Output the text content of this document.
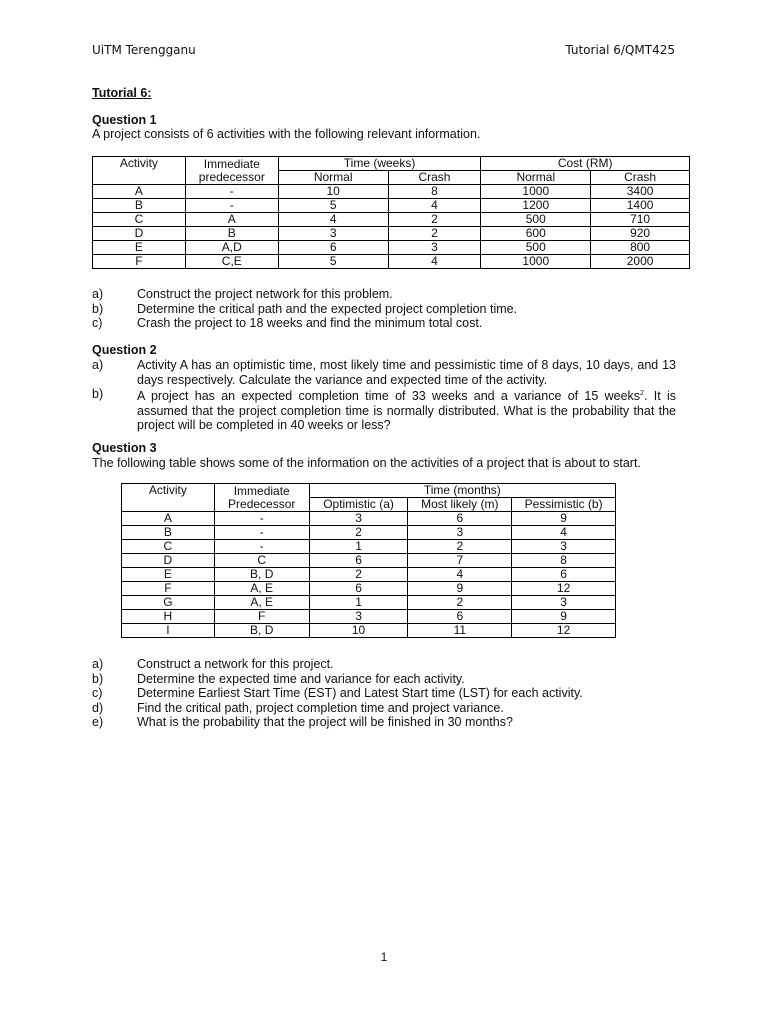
UiTM Terengganu	Tutorial 6/QMT425
Tutorial 6:
Question 1
A project consists of 6 activities with the following relevant information.
Activity	Immediate predecessor	Time (weeks)		Cost (RM)	
		Normal	Crash	Normal	Crash
A	-	10	8	1000	3400
B	-	5	4	1200	1400
C	A	4	2	500	710
D	B	3	2	600	920
E	A,D	6	3	500	800
F	C,E	5	4	1000	2000
a)	Construct the project network for this problem.
b)	Determine the critical path and the expected project completion time.
c)	Crash the project to 18 weeks and find the minimum total cost.
Question 2
a)	Activity A has an optimistic time, most likely time and pessimistic time of 8 days, 10 days, and 13 days respectively. Calculate the variance and expected time of the activity.
b)	A project has an expected completion time of 33 weeks and a variance of 15 weeks$^2$. It is assumed that the project completion time is normally distributed. What is the probability that the project will be completed in 40 weeks or less?
Question 3
The following table shows some of the information on the activities of a project that is about to start.
Activity	Immediate Predecessor	Time (months)		
		Optimistic (a)	Most likely (m)	Pessimistic (b)
A	-	3	6	9
B	-	2	3	4
C	-	1	2	3
D	C	6	7	8
E	B, D	2	4	6
F	A, E	6	9	12
G	A, E	1	2	3
H	F	3	6	9
I	B, D	10	11	12
a)	Construct a network for this project.
b)	Determine the expected time and variance for each activity.
c)	Determine Earliest Start Time (EST) and Latest Start time (LST) for each activity.
d)	Find the critical path, project completion time and project variance.
e)	What is the probability that the project will be finished in 30 months?
1
